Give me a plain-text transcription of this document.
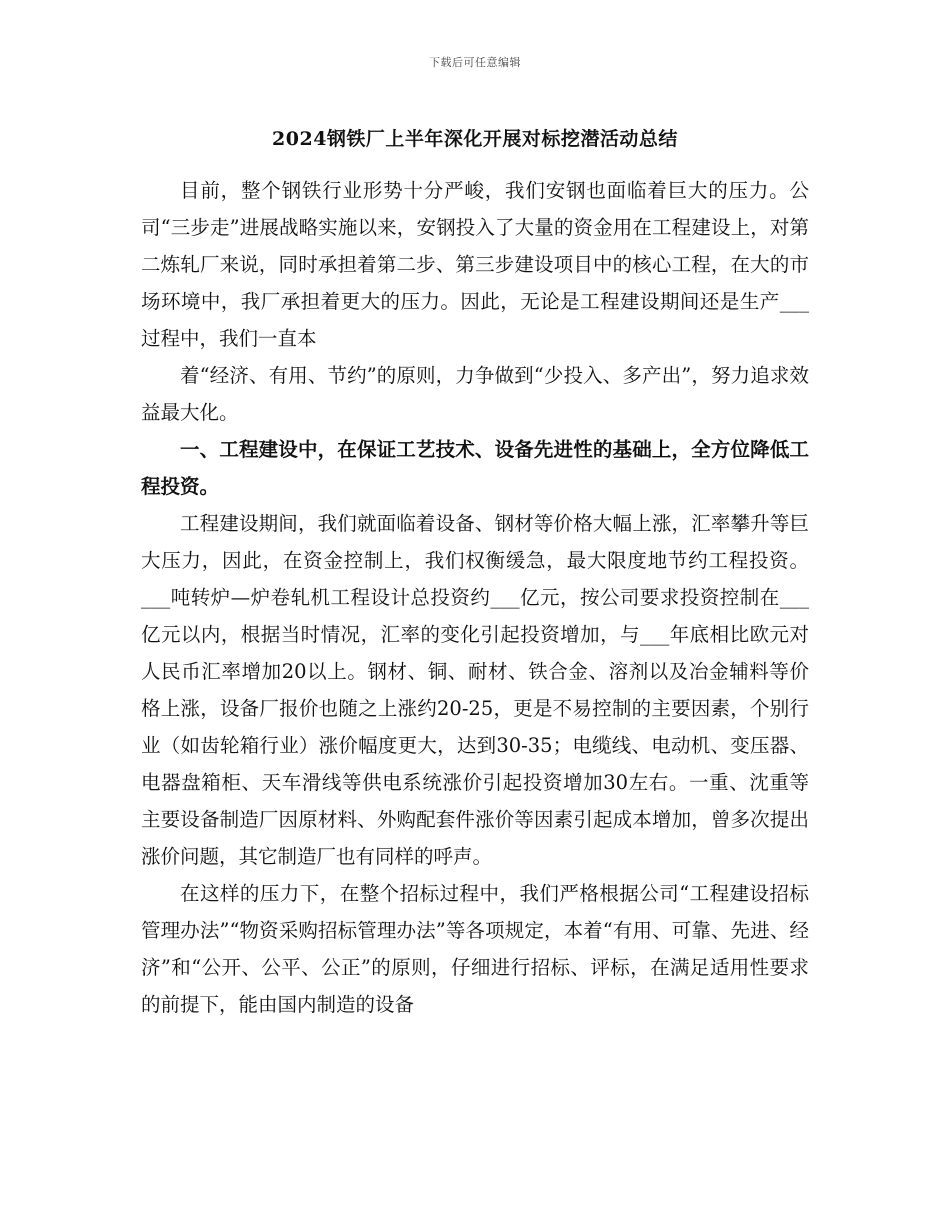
下载后可任意编辑
2024钢铁厂上半年深化开展对标挖潜活动总结

目前，整个钢铁行业形势十分严峻，我们安钢也面临着巨大的压力。公司“三步走”进展战略实施以来，安钢投入了大量的资金用在工程建设上，对第二炼轧厂来说，同时承担着第二步、第三步建设项目中的核心工程，在大的市场环境中，我厂承担着更大的压力。因此，无论是工程建设期间还是生产___过程中，我们一直本

着“经济、有用、节约”的原则，力争做到“少投入、多产出”，努力追求效益最大化。

一、工程建设中，在保证工艺技术、设备先进性的基础上，全方位降低工程投资。

工程建设期间，我们就面临着设备、钢材等价格大幅上涨，汇率攀升等巨大压力，因此，在资金控制上，我们权衡缓急，最大限度地节约工程投资。___吨转炉—炉卷轧机工程设计总投资约___亿元，按公司要求投资控制在___亿元以内，根据当时情况，汇率的变化引起投资增加，与___年底相比欧元对人民币汇率增加20以上。钢材、铜、耐材、铁合金、溶剂以及冶金辅料等价格上涨，设备厂报价也随之上涨约20-25，更是不易控制的主要因素，个别行业（如齿轮箱行业）涨价幅度更大，达到30-35；电缆线、电动机、变压器、电器盘箱柜、天车滑线等供电系统涨价引起投资增加30左右。一重、沈重等主要设备制造厂因原材料、外购配套件涨价等因素引起成本增加，曾多次提出涨价问题，其它制造厂也有同样的呼声。

在这样的压力下，在整个招标过程中，我们严格根据公司“工程建设招标管理办法”“物资采购招标管理办法”等各项规定，本着“有用、可靠、先进、经济”和“公开、公平、公正”的原则，仔细进行招标、评标，在满足适用性要求的前提下，能由国内制造的设备
